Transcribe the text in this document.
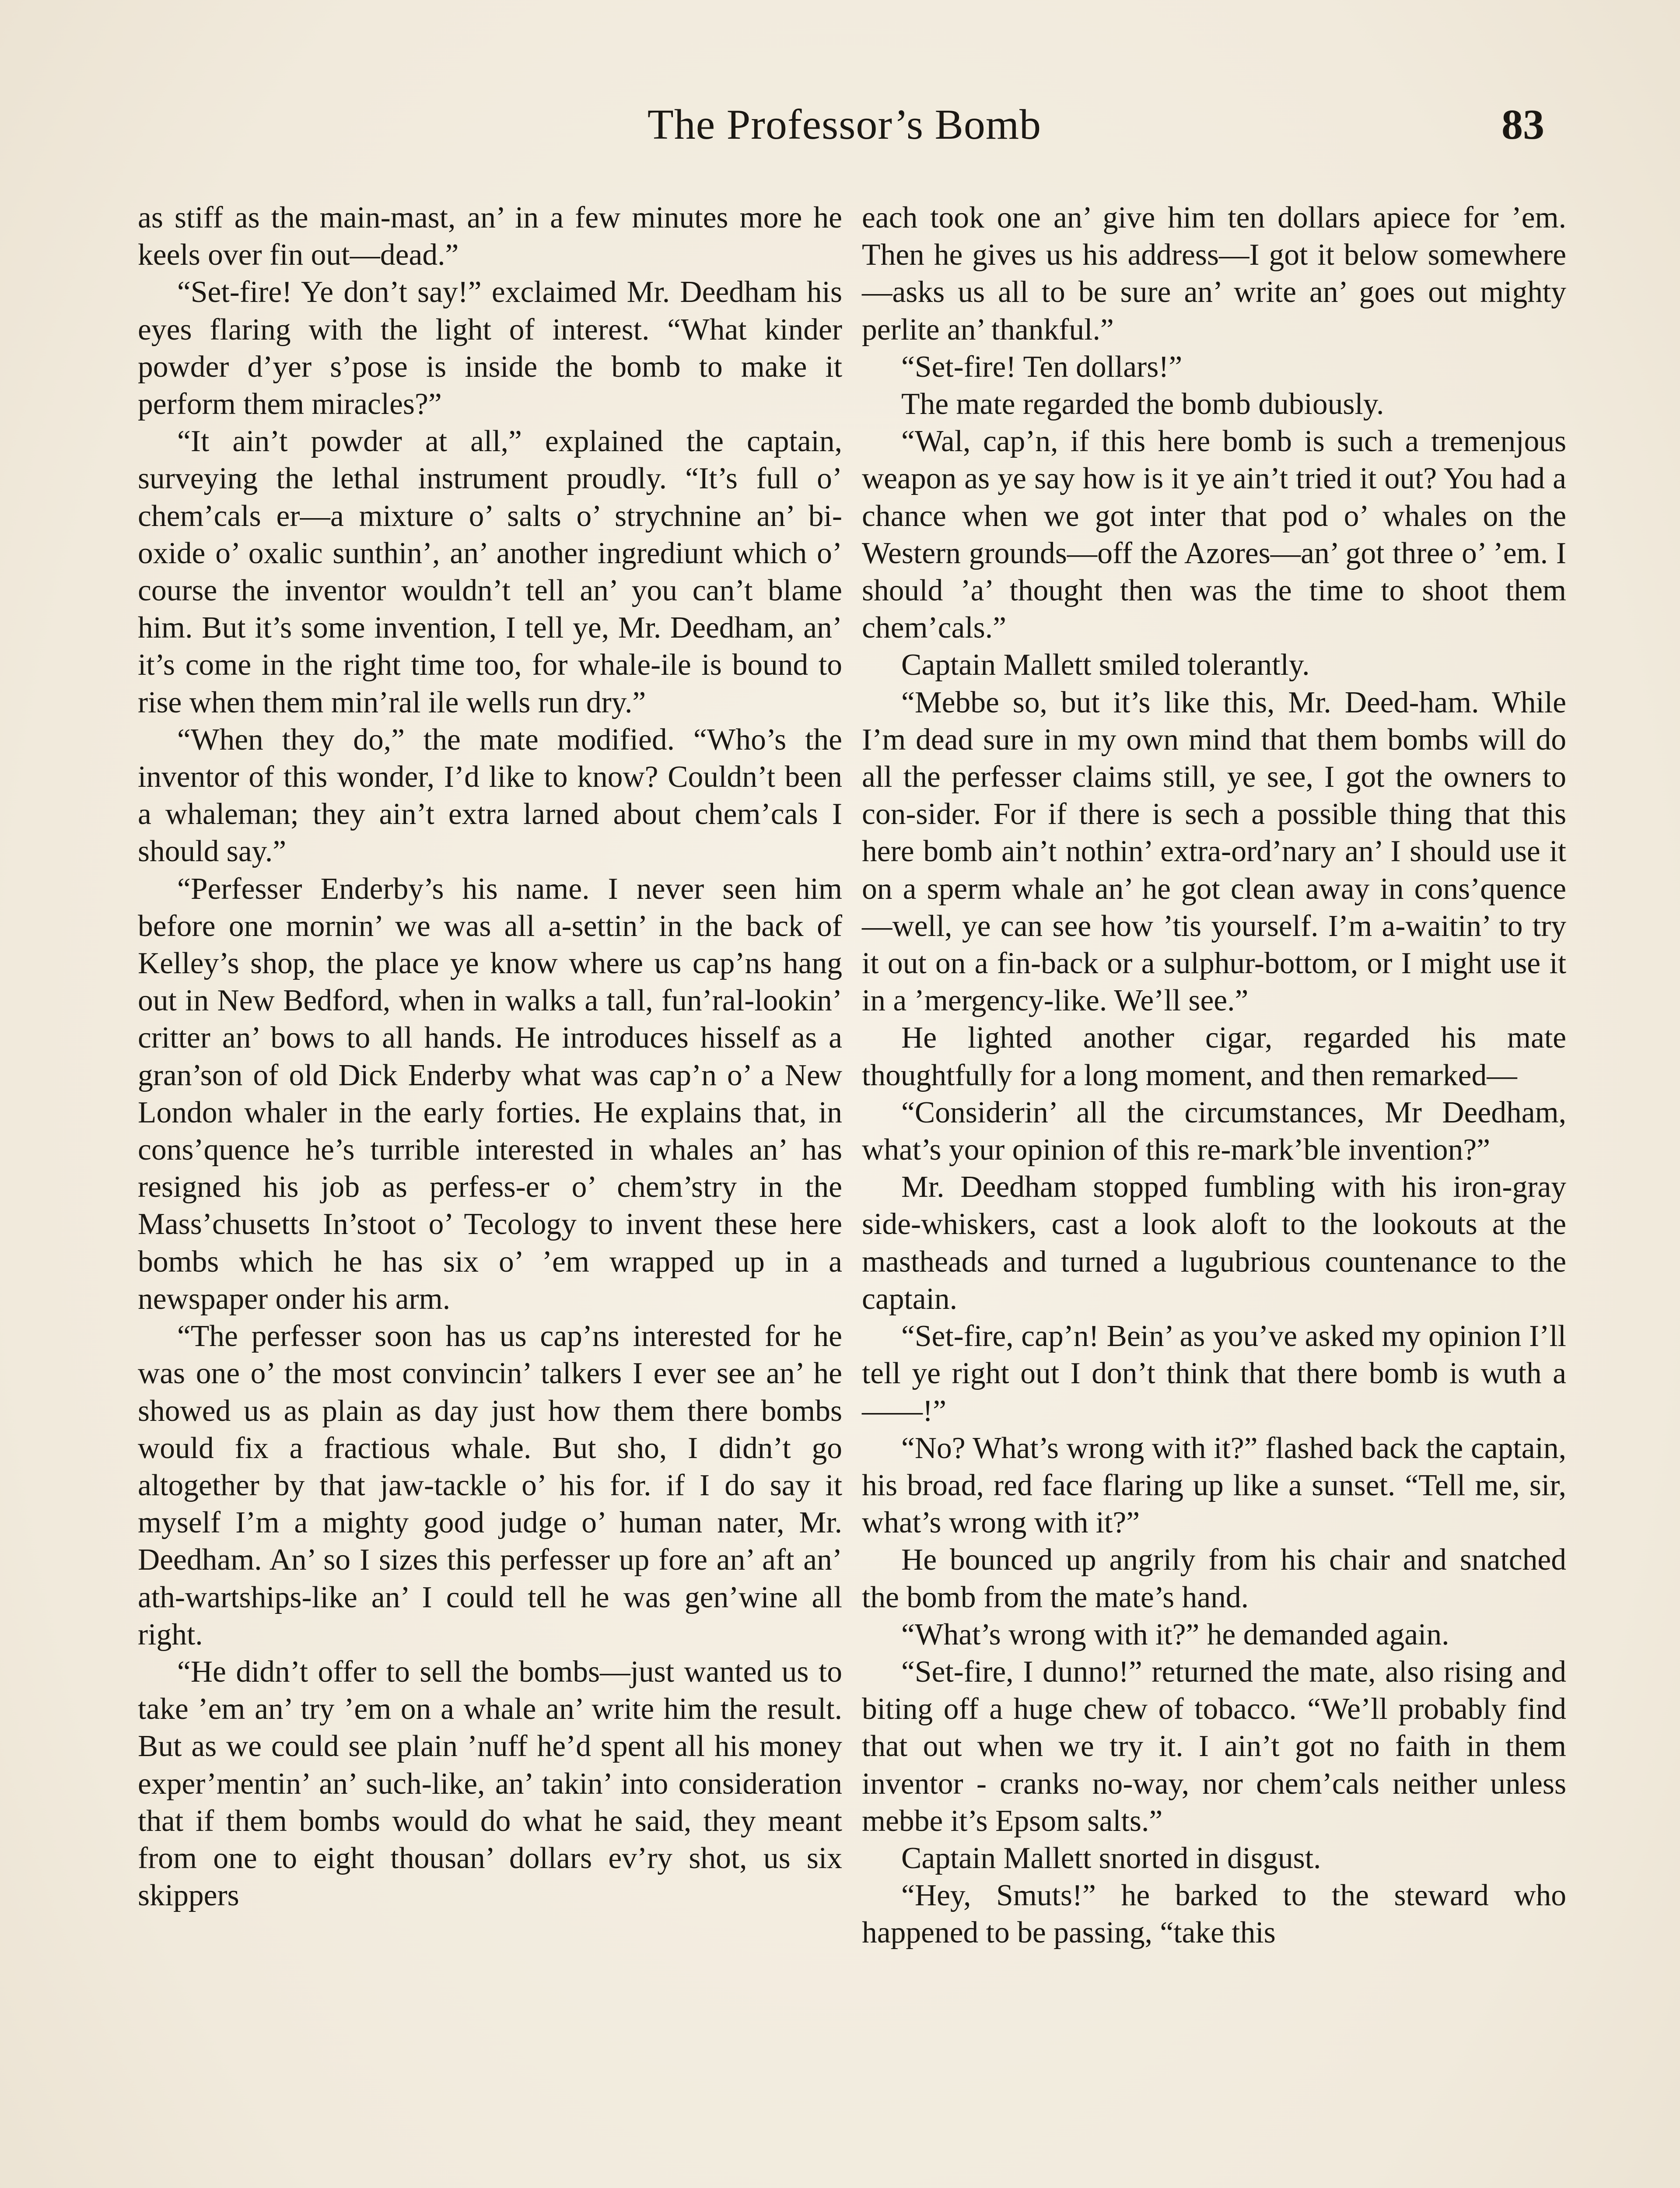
The Professor’s Bomb	83

as stiff as the main-mast, an’ in a few minutes more he keels over fin out—dead.”

“Set-fire! Ye don’t say!” exclaimed Mr. Deedham his eyes flaring with the light of interest. “What kinder powder d’yer s’pose is inside the bomb to make it perform them miracles?”

“It ain’t powder at all,” explained the captain, surveying the lethal instrument proudly. “It’s full o’ chem’cals er—a mixture o’ salts o’ strychnine an’ bi-oxide o’ oxalic sunthin’, an’ another ingrediunt which o’ course the inventor wouldn’t tell an’ you can’t blame him. But it’s some invention, I tell ye, Mr. Deedham, an’ it’s come in the right time too, for whale-ile is bound to rise when them min’ral ile wells run dry.”

“When they do,” the mate modified. “Who’s the inventor of this wonder, I’d like to know? Couldn’t been a whaleman; they ain’t extra larned about chem’cals I should say.”

“Perfesser Enderby’s his name. I never seen him before one mornin’ we was all a-settin’ in the back of Kelley’s shop, the place ye know where us cap’ns hang out in New Bedford, when in walks a tall, fun’ral-lookin’ critter an’ bows to all hands. He introduces hisself as a gran’son of old Dick Enderby what was cap’n o’ a New London whaler in the early forties. He explains that, in cons’quence he’s turrible interested in whales an’ has resigned his job as perfess-er o’ chem’stry in the Mass’chusetts In’stoot o’ Tecology to invent these here bombs which he has six o’ ’em wrapped up in a newspaper onder his arm.

“The perfesser soon has us cap’ns interested for he was one o’ the most convincin’ talkers I ever see an’ he showed us as plain as day just how them there bombs would fix a fractious whale. But sho, I didn’t go altogether by that jaw-tackle o’ his for. if I do say it myself I’m a mighty good judge o’ human nater, Mr. Deedham. An’ so I sizes this perfesser up fore an’ aft an’ ath-wartships-like an’ I could tell he was gen’wine all right.

“He didn’t offer to sell the bombs—just wanted us to take ’em an’ try ’em on a whale an’ write him the result. But as we could see plain ’nuff he’d spent all his money exper’mentin’ an’ such-like, an’ takin’ into consideration that if them bombs would do what he said, they meant from one to eight thousan’ dollars ev’ry shot, us six skippers

each took one an’ give him ten dollars apiece for ’em. Then he gives us his address—I got it below somewhere—asks us all to be sure an’ write an’ goes out mighty perlite an’ thankful.”

“Set-fire! Ten dollars!”

The mate regarded the bomb dubiously.

“Wal, cap’n, if this here bomb is such a tremenjous weapon as ye say how is it ye ain’t tried it out? You had a chance when we got inter that pod o’ whales on the Western grounds—off the Azores—an’ got three o’ ’em. I should ’a’ thought then was the time to shoot them chem’cals.”

Captain Mallett smiled tolerantly.

“Mebbe so, but it’s like this, Mr. Deed-ham. While I’m dead sure in my own mind that them bombs will do all the perfesser claims still, ye see, I got the owners to con-sider. For if there is sech a possible thing that this here bomb ain’t nothin’ extra-ord’nary an’ I should use it on a sperm whale an’ he got clean away in cons’quence —well, ye can see how ’tis yourself. I’m a-waitin’ to try it out on a fin-back or a sulphur-bottom, or I might use it in a ’mergency-like. We’ll see.”

He lighted another cigar, regarded his mate thoughtfully for a long moment, and then remarked—

“Considerin’ all the circumstances, Mr Deedham, what’s your opinion of this re-mark’ble invention?”

Mr. Deedham stopped fumbling with his iron-gray side-whiskers, cast a look aloft to the lookouts at the mastheads and turned a lugubrious countenance to the captain.

“Set-fire, cap’n! Bein’ as you’ve asked my opinion I’ll tell ye right out I don’t think that there bomb is wuth a ——!”

“No? What’s wrong with it?” flashed back the captain, his broad, red face flaring up like a sunset. “Tell me, sir, what’s wrong with it?”

He bounced up angrily from his chair and snatched the bomb from the mate’s hand.

“What’s wrong with it?” he demanded again.

“Set-fire, I dunno!” returned the mate, also rising and biting off a huge chew of tobacco. “We’ll probably find that out when we try it. I ain’t got no faith in them inventor - cranks no-way, nor chem’cals neither unless mebbe it’s Epsom salts.”

Captain Mallett snorted in disgust.

“Hey, Smuts!” he barked to the steward who happened to be passing, “take this
